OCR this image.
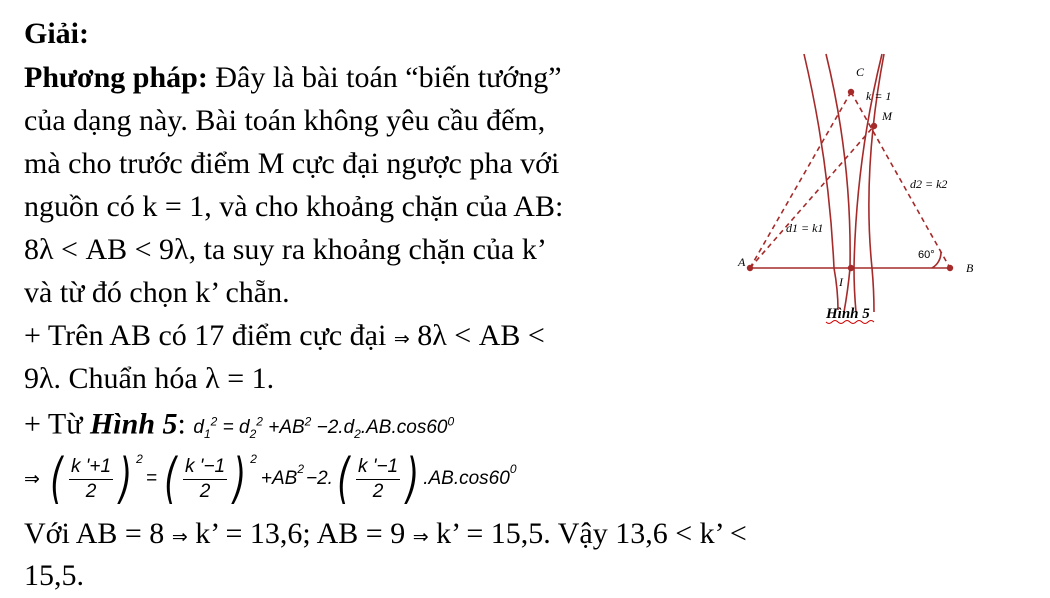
Giải:
Phương pháp: Đây là bài toán “biến tướng”
của dạng này. Bài toán không yêu cầu đếm,
mà cho trước điểm M cực đại ngược pha với
nguồn có k = 1, và cho khoảng chặn của AB:
8λ < AB < 9λ, ta suy ra khoảng chặn của k’
và từ đó chọn k’ chẵn.
+ Trên AB có 17 điểm cực đại ⇒ 8λ < AB <
9λ. Chuẩn hóa λ = 1.
+ Từ Hình 5: $d_1^2 = d_2^2 +AB^2 -2.d_2.AB.\cos 60^0$
⇒ ( $\frac{k '+1}{2}$ ) 2
= ( $\frac{k '-1}{2}$ ) 2
+AB 2 −2. ( $\frac{k '-1}{2}$ ) .AB.cos60 0
Với AB = 8 ⇒ k’ = 13,6; AB = 9 ⇒ k’ = 15,5. Vậy 13,6 < k’ <
15,5.
C
M
A	B
I
k = 1
d2 = k2
d1 = k1
60°
Hình 5
